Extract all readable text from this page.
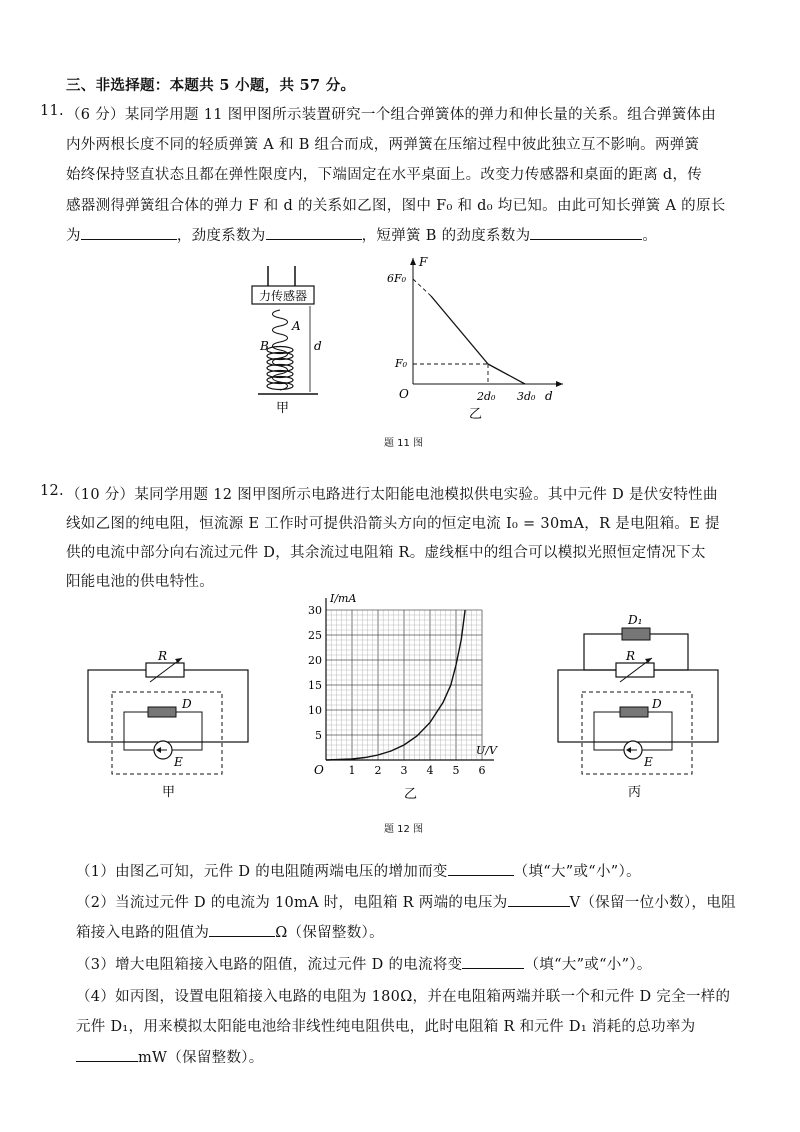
三、非选择题：本题共 5 小题，共 57 分。
11. （6 分）某同学用题 11 图甲图所示装置研究一个组合弹簧体的弹力和伸长量的关系。组合弹簧体由
内外两根长度不同的轻质弹簧 A 和 B 组合而成，两弹簧在压缩过程中彼此独立互不影响。两弹簧
始终保持竖直状态且都在弹性限度内，下端固定在水平桌面上。改变力传感器和桌面的距离 d，传
感器测得弹簧组合体的弹力 F 和 d 的关系如乙图，图中 F₀ 和 d₀ 均已知。由此可知长弹簧 A 的原长
为	，劲度系数为	，短弹簧 B 的劲度系数为	。
力传感器
A
B	d
甲
F
6F₀
F₀
O	2d₀ 3d₀ d
乙
题 11 图
12. （10 分）某同学用题 12 图甲图所示电路进行太阳能电池模拟供电实验。其中元件 D 是伏安特性曲
线如乙图的纯电阻，恒流源 E 工作时可提供沿箭头方向的恒定电流 I₀ = 30mA，R 是电阻箱。E 提
供的电流中部分向右流过元件 D，其余流过电阻箱 R。虚线框中的组合可以模拟光照恒定情况下太
阳能电池的供电特性。
R
D
E
甲
I/mA
U/V
O
5
10
15
20
25
30
1 2 3 4 5 6
乙
D₁
R
D
E
丙
题 12 图
（1）由图乙可知，元件 D 的电阻随两端电压的增加而变	（填“大”或“小”）。
（2）当流过元件 D 的电流为 10mA 时，电阻箱 R 两端的电压为	V（保留一位小数），电阻
箱接入电路的阻值为	Ω（保留整数）。
（3）增大电阻箱接入电路的阻值，流过元件 D 的电流将变	（填“大”或“小”）。
（4）如丙图，设置电阻箱接入电路的电阻为 180Ω，并在电阻箱两端并联一个和元件 D 完全一样的
元件 D₁，用来模拟太阳能电池给非线性纯电阻供电，此时电阻箱 R 和元件 D₁ 消耗的总功率为
mW（保留整数）。
